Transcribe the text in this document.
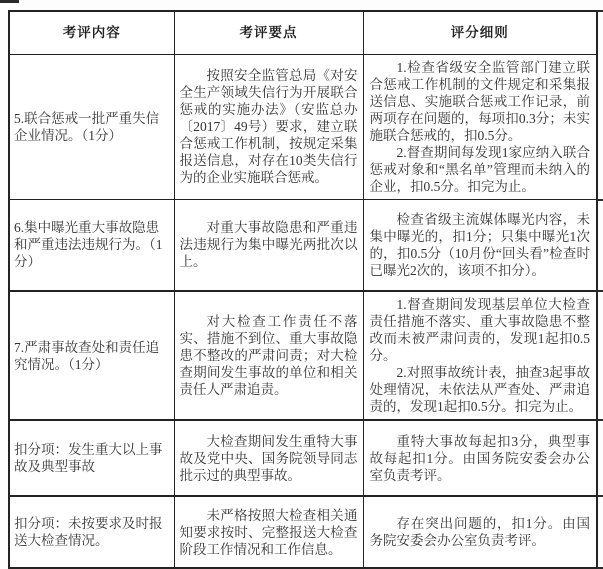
考评内容	考评要点	评分细则

5.联合惩戒一批严重失信企业情况。（1分）	按照安全监管总局《对安全生产领域失信行为开展联合惩戒的实施办法》（安监总办〔2017〕49号）要求，建立联合惩戒工作机制，按规定采集报送信息，对存在10类失信行为的企业实施联合惩戒。	1.检查省级安全监管部门建立联合惩戒工作机制的文件规定和采集报送信息、实施联合惩戒工作记录，前两项存在问题的，每项扣0.3分；未实施联合惩戒的，扣0.5分。

2.督查期间每发现1家应纳入联合惩戒对象和“黑名单”管理而未纳入的企业，扣0.5分。扣完为止。

6.集中曝光重大事故隐患和严重违法违规行为。（1分）	对重大事故隐患和严重违法违规行为集中曝光两批次以上。	检查省级主流媒体曝光内容，未集中曝光的，扣1分；只集中曝光1次的，扣0.5分（10月份“回头看”检查时已曝光2次的，该项不扣分）。

7.严肃事故查处和责任追究情况。（1分）	对大检查工作责任不落实、措施不到位、重大事故隐患不整改的严肃问责；对大检查期间发生事故的单位和相关责任人严肃追责。	1.督查期间发现基层单位大检查责任措施不落实、重大事故隐患不整改而未被严肃问责的，发现1起扣0.5分。

2.对照事故统计表，抽查3起事故处理情况，未依法从严查处、严肃追责的，发现1起扣0.5分。扣完为止。

扣分项：发生重大以上事故及典型事故	大检查期间发生重特大事故及党中央、国务院领导同志批示过的典型事故。	重特大事故每起扣3分，典型事故每起扣1分。由国务院安委会办公室负责考评。

扣分项：未按要求及时报送大检查情况。	未严格按照大检查相关通知要求按时、完整报送大检查阶段工作情况和工作信息。	存在突出问题的，扣1分。由国务院安委会办公室负责考评。
